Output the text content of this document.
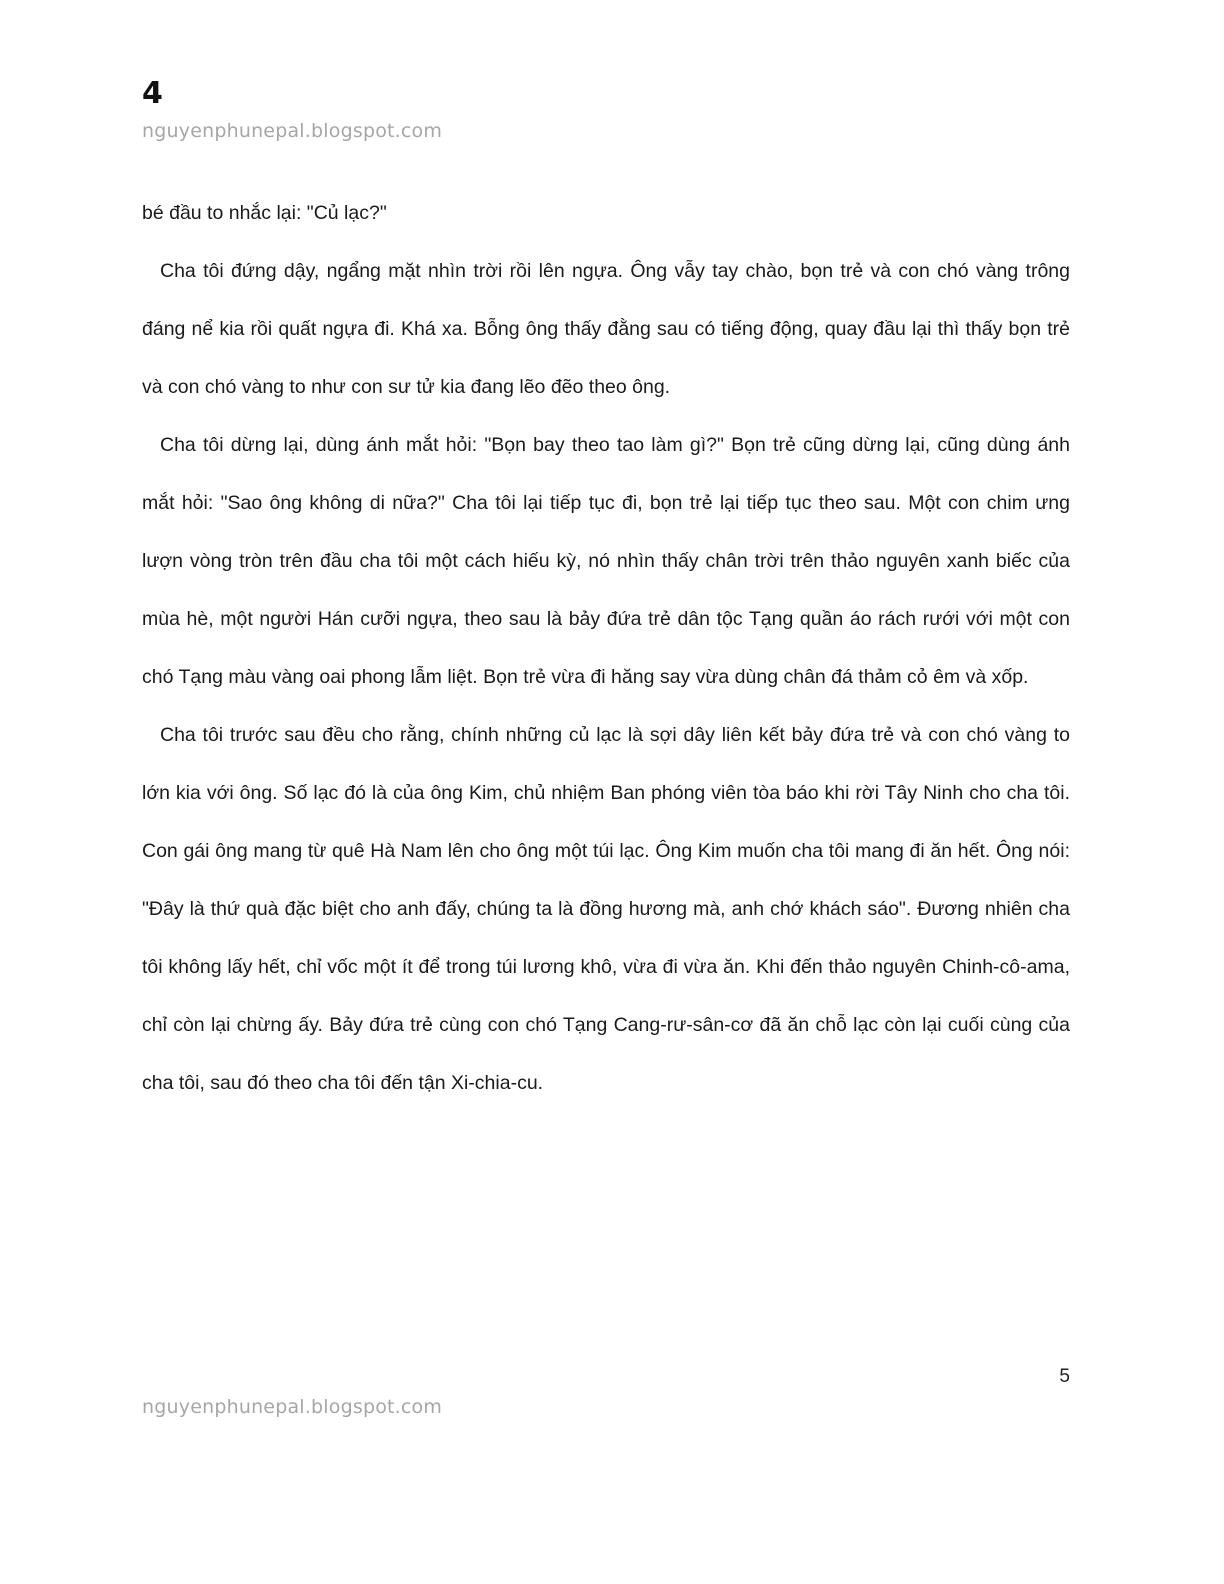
4
nguyenphunepal.blogspot.com

bé đầu to nhắc lại: "Củ lạc?"

Cha tôi đứng dậy, ngẩng mặt nhìn trời rồi lên ngựa. Ông vẫy tay chào, bọn trẻ và con chó vàng trông đáng nể kia rồi quất ngựa đi. Khá xa. Bỗng ông thấy đằng sau có tiếng động, quay đầu lại thì thấy bọn trẻ và con chó vàng to như con sư tử kia đang lẽo đẽo theo ông.

Cha tôi dừng lại, dùng ánh mắt hỏi: "Bọn bay theo tao làm gì?" Bọn trẻ cũng dừng lại, cũng dùng ánh mắt hỏi: "Sao ông không di nữa?" Cha tôi lại tiếp tục đi, bọn trẻ lại tiếp tục theo sau. Một con chim ưng lượn vòng tròn trên đầu cha tôi một cách hiếu kỳ, nó nhìn thấy chân trời trên thảo nguyên xanh biếc của mùa hè, một người Hán cưỡi ngựa, theo sau là bảy đứa trẻ dân tộc Tạng quần áo rách rưới với một con chó Tạng màu vàng oai phong lẫm liệt. Bọn trẻ vừa đi hăng say vừa dùng chân đá thảm cỏ êm và xốp.

Cha tôi trước sau đều cho rằng, chính những củ lạc là sợi dây liên kết bảy đứa trẻ và con chó vàng to lớn kia với ông. Số lạc đó là của ông Kim, chủ nhiệm Ban phóng viên tòa báo khi rời Tây Ninh cho cha tôi. Con gái ông mang từ quê Hà Nam lên cho ông một túi lạc. Ông Kim muốn cha tôi mang đi ăn hết. Ông nói: "Đây là thứ quà đặc biệt cho anh đấy, chúng ta là đồng hương mà, anh chớ khách sáo". Đương nhiên cha tôi không lấy hết, chỉ vốc một ít để trong túi lương khô, vừa đi vừa ăn. Khi đến thảo nguyên Chinh-cô-ama, chỉ còn lại chừng ấy. Bảy đứa trẻ cùng con chó Tạng Cang-rư-sân-cơ đã ăn chỗ lạc còn lại cuối cùng của cha tôi, sau đó theo cha tôi đến tận Xi-chia-cu.

5
nguyenphunepal.blogspot.com
